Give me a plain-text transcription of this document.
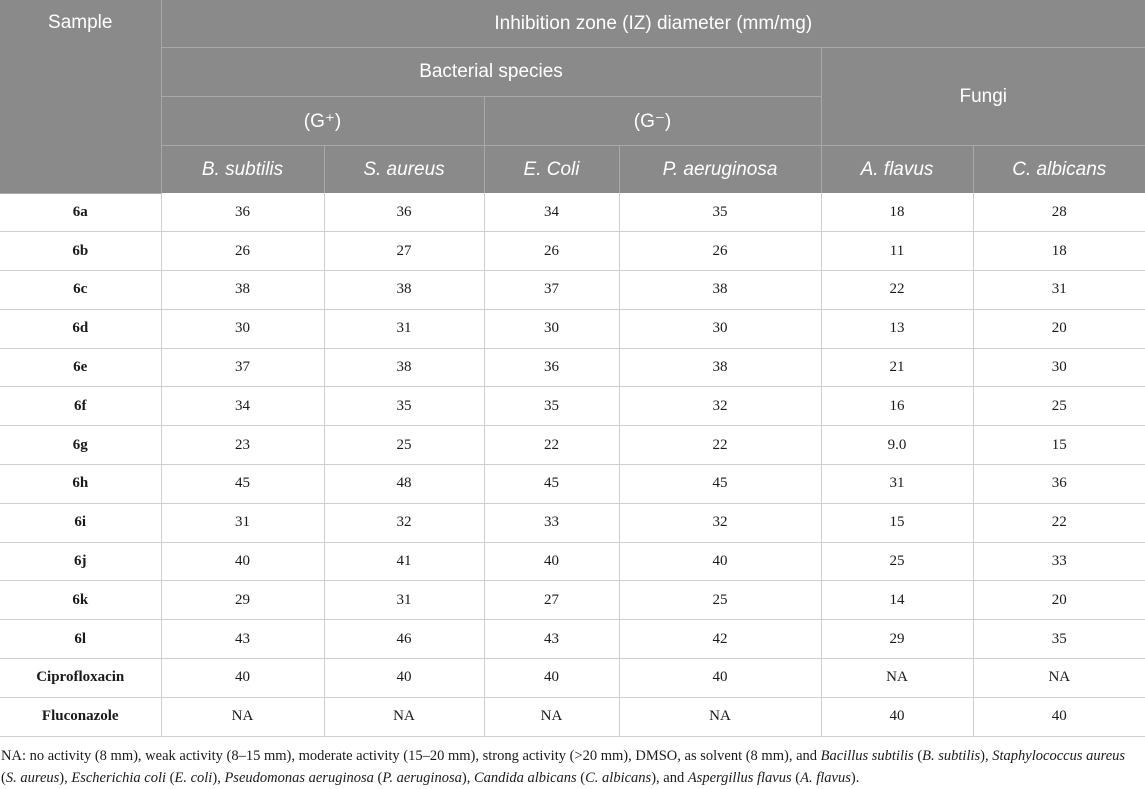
Sample	Inhibition zone (IZ) diameter (mm/mg)					
	Bacterial species				Fungi	
	(G⁺)		(G⁻)			
	B. subtilis	S. aureus	E. Coli	P. aeruginosa	A. flavus	C. albicans
6a	36	36	34	35	18	28
6b	26	27	26	26	11	18
6c	38	38	37	38	22	31
6d	30	31	30	30	13	20
6e	37	38	36	38	21	30
6f	34	35	35	32	16	25
6g	23	25	22	22	9.0	15
6h	45	48	45	45	31	36
6i	31	32	33	32	15	22
6j	40	41	40	40	25	33
6k	29	31	27	25	14	20
6l	43	46	43	42	29	35
Ciprofloxacin	40	40	40	40	NA	NA
Fluconazole	NA	NA	NA	NA	40	40

NA: no activity (8 mm), weak activity (8–15 mm), moderate activity (15–20 mm), strong activity (>20 mm), DMSO, as solvent (8 mm), and Bacillus subtilis (B. subtilis), Staphylococcus aureus (S. aureus), Escherichia coli (E. coli), Pseudomonas aeruginosa (P. aeruginosa), Candida albicans (C. albicans), and Aspergillus flavus (A. flavus).
